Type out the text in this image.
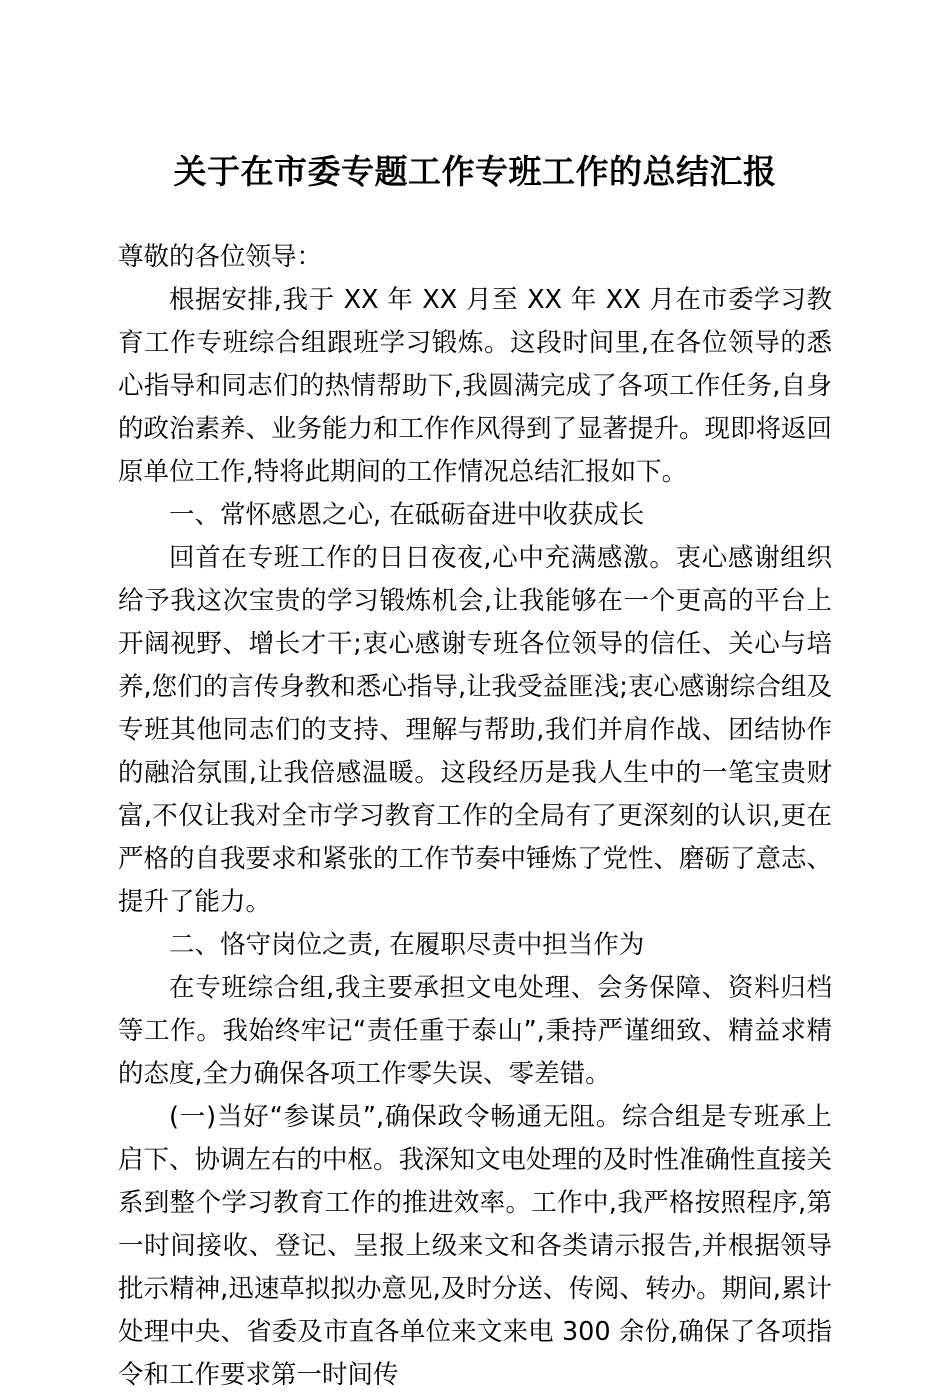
关于在市委专题工作专班工作的总结汇报

尊敬的各位领导：

根据安排,我于 XX 年 XX 月至 XX 年 XX 月在市委学习教育工作专班综合组跟班学习锻炼。这段时间里,在各位领导的悉心指导和同志们的热情帮助下,我圆满完成了各项工作任务,自身的政治素养、业务能力和工作作风得到了显著提升。现即将返回原单位工作,特将此期间的工作情况总结汇报如下。

一、常怀感恩之心, 在砥砺奋进中收获成长

回首在专班工作的日日夜夜,心中充满感激。衷心感谢组织给予我这次宝贵的学习锻炼机会,让我能够在一个更高的平台上开阔视野、增长才干;衷心感谢专班各位领导的信任、关心与培养,您们的言传身教和悉心指导,让我受益匪浅;衷心感谢综合组及专班其他同志们的支持、理解与帮助,我们并肩作战、团结协作的融洽氛围,让我倍感温暖。这段经历是我人生中的一笔宝贵财富,不仅让我对全市学习教育工作的全局有了更深刻的认识,更在严格的自我要求和紧张的工作节奏中锤炼了党性、磨砺了意志、提升了能力。

二、恪守岗位之责, 在履职尽责中担当作为

在专班综合组,我主要承担文电处理、会务保障、资料归档等工作。我始终牢记“责任重于泰山”,秉持严谨细致、精益求精的态度,全力确保各项工作零失误、零差错。

(一)当好“参谋员”,确保政令畅通无阻。综合组是专班承上启下、协调左右的中枢。我深知文电处理的及时性准确性直接关系到整个学习教育工作的推进效率。工作中,我严格按照程序,第一时间接收、登记、呈报上级来文和各类请示报告,并根据领导批示精神,迅速草拟拟办意见,及时分送、传阅、转办。期间,累计处理中央、省委及市直各单位来文来电 300 余份,确保了各项指令和工作要求第一时间传
